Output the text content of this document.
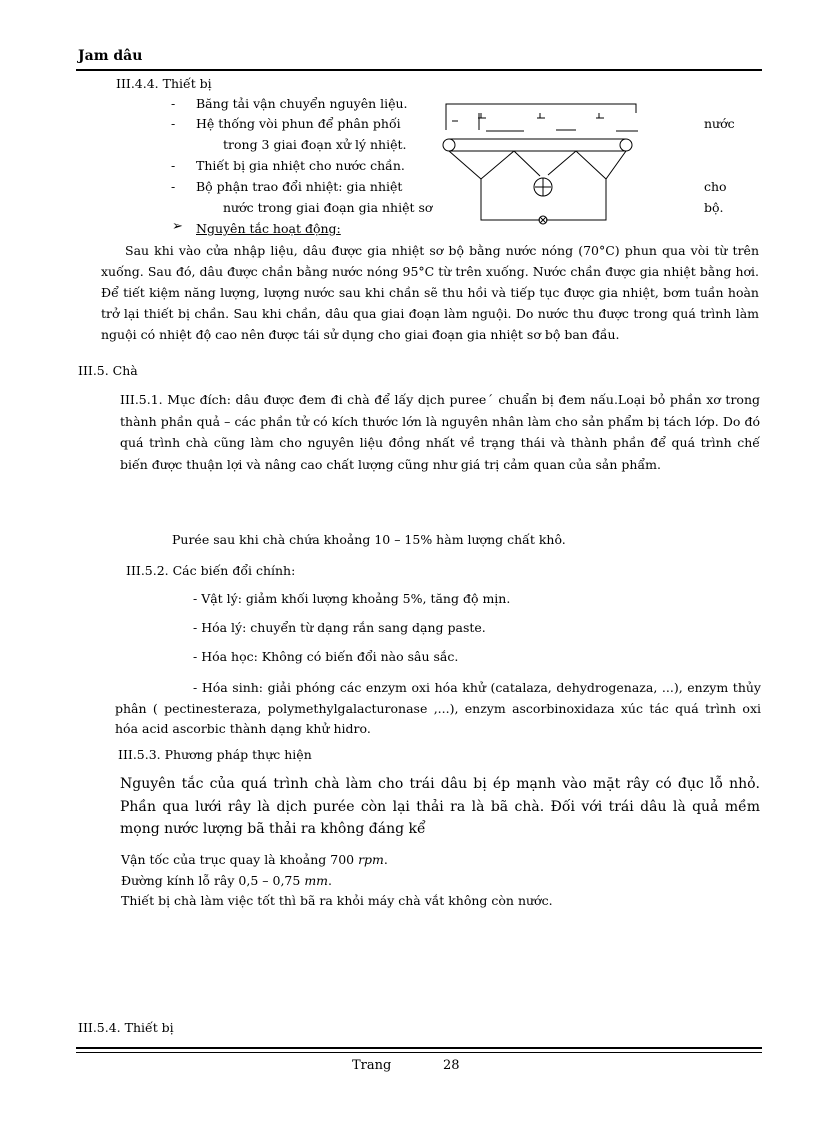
Jam dâu
III.4.4. Thiết bị
- Băng tải vận chuyển nguyên liệu.
- Hệ thống vòi phun để phân phối	nước
trong 3 giai đoạn xử lý nhiệt.
- Thiết bị gia nhiệt cho nước chần.
- Bộ phận trao đổi nhiệt: gia nhiệt	cho
nước trong giai đoạn gia nhiệt sơ	bộ.
➢ Nguyên tắc hoạt động:
Sau khi vào cửa nhập liệu, dâu được gia nhiệt sơ bộ bằng nước nóng (70°C) phun qua vòi từ trên xuống. Sau đó, dâu được chần bằng nước nóng 95°C từ trên xuống. Nước chần được gia nhiệt bằng hơi. Để tiết kiệm năng lượng, lượng nước sau khi chần sẽ thu hồi và tiếp tục được gia nhiệt, bơm tuần hoàn trở lại thiết bị chần. Sau khi chần, dâu qua giai đoạn làm nguội. Do nước thu được trong quá trình làm nguội có nhiệt độ cao nên được tái sử dụng cho giai đoạn gia nhiệt sơ bộ ban đầu.
III.5. Chà
III.5.1. Mục đích: dâu được đem đi chà để lấy dịch pureeˊ chuẩn bị đem nấu.Loại bỏ phần xơ trong thành phần quả – các phần tử có kích thước lớn là nguyên nhân làm cho sản phẩm bị tách lớp. Do đó quá trình chà cũng làm cho nguyên liệu đồng nhất về trạng thái và thành phần để quá trình chế biến được thuận lợi và nâng cao chất lượng cũng như giá trị cảm quan của sản phẩm.
Purée sau khi chà chứa khoảng 10 – 15% hàm lượng chất khô.
III.5.2. Các biến đổi chính:
- Vật lý: giảm khối lượng khoảng 5%, tăng độ mịn.
- Hóa lý: chuyển từ dạng rắn sang dạng paste.
- Hóa học: Không có biến đổi nào sâu sắc.
- Hóa sinh: giải phóng các enzym oxi hóa khử (catalaza, dehydrogenaza, ...), enzym thủy phân ( pectinesteraza, polymethylgalacturonase ,...), enzym ascorbinoxidaza xúc tác quá trình oxi hóa acid ascorbic thành dạng khử hidro.
III.5.3. Phương pháp thực hiện
Nguyên tắc của quá trình chà làm cho trái dâu bị ép mạnh vào mặt rây có đục lỗ nhỏ. Phần qua lưới rây là dịch purée còn lại thải ra là bã chà. Đối với trái dâu là quả mềm mọng nước lượng bã thải ra không đáng kể
Vận tốc của trục quay là khoảng 700 rpm.
Đường kính lỗ rây 0,5 – 0,75 mm.
Thiết bị chà làm việc tốt thì bã ra khỏi máy chà vắt không còn nước.
III.5.4. Thiết bị
Trang	28
